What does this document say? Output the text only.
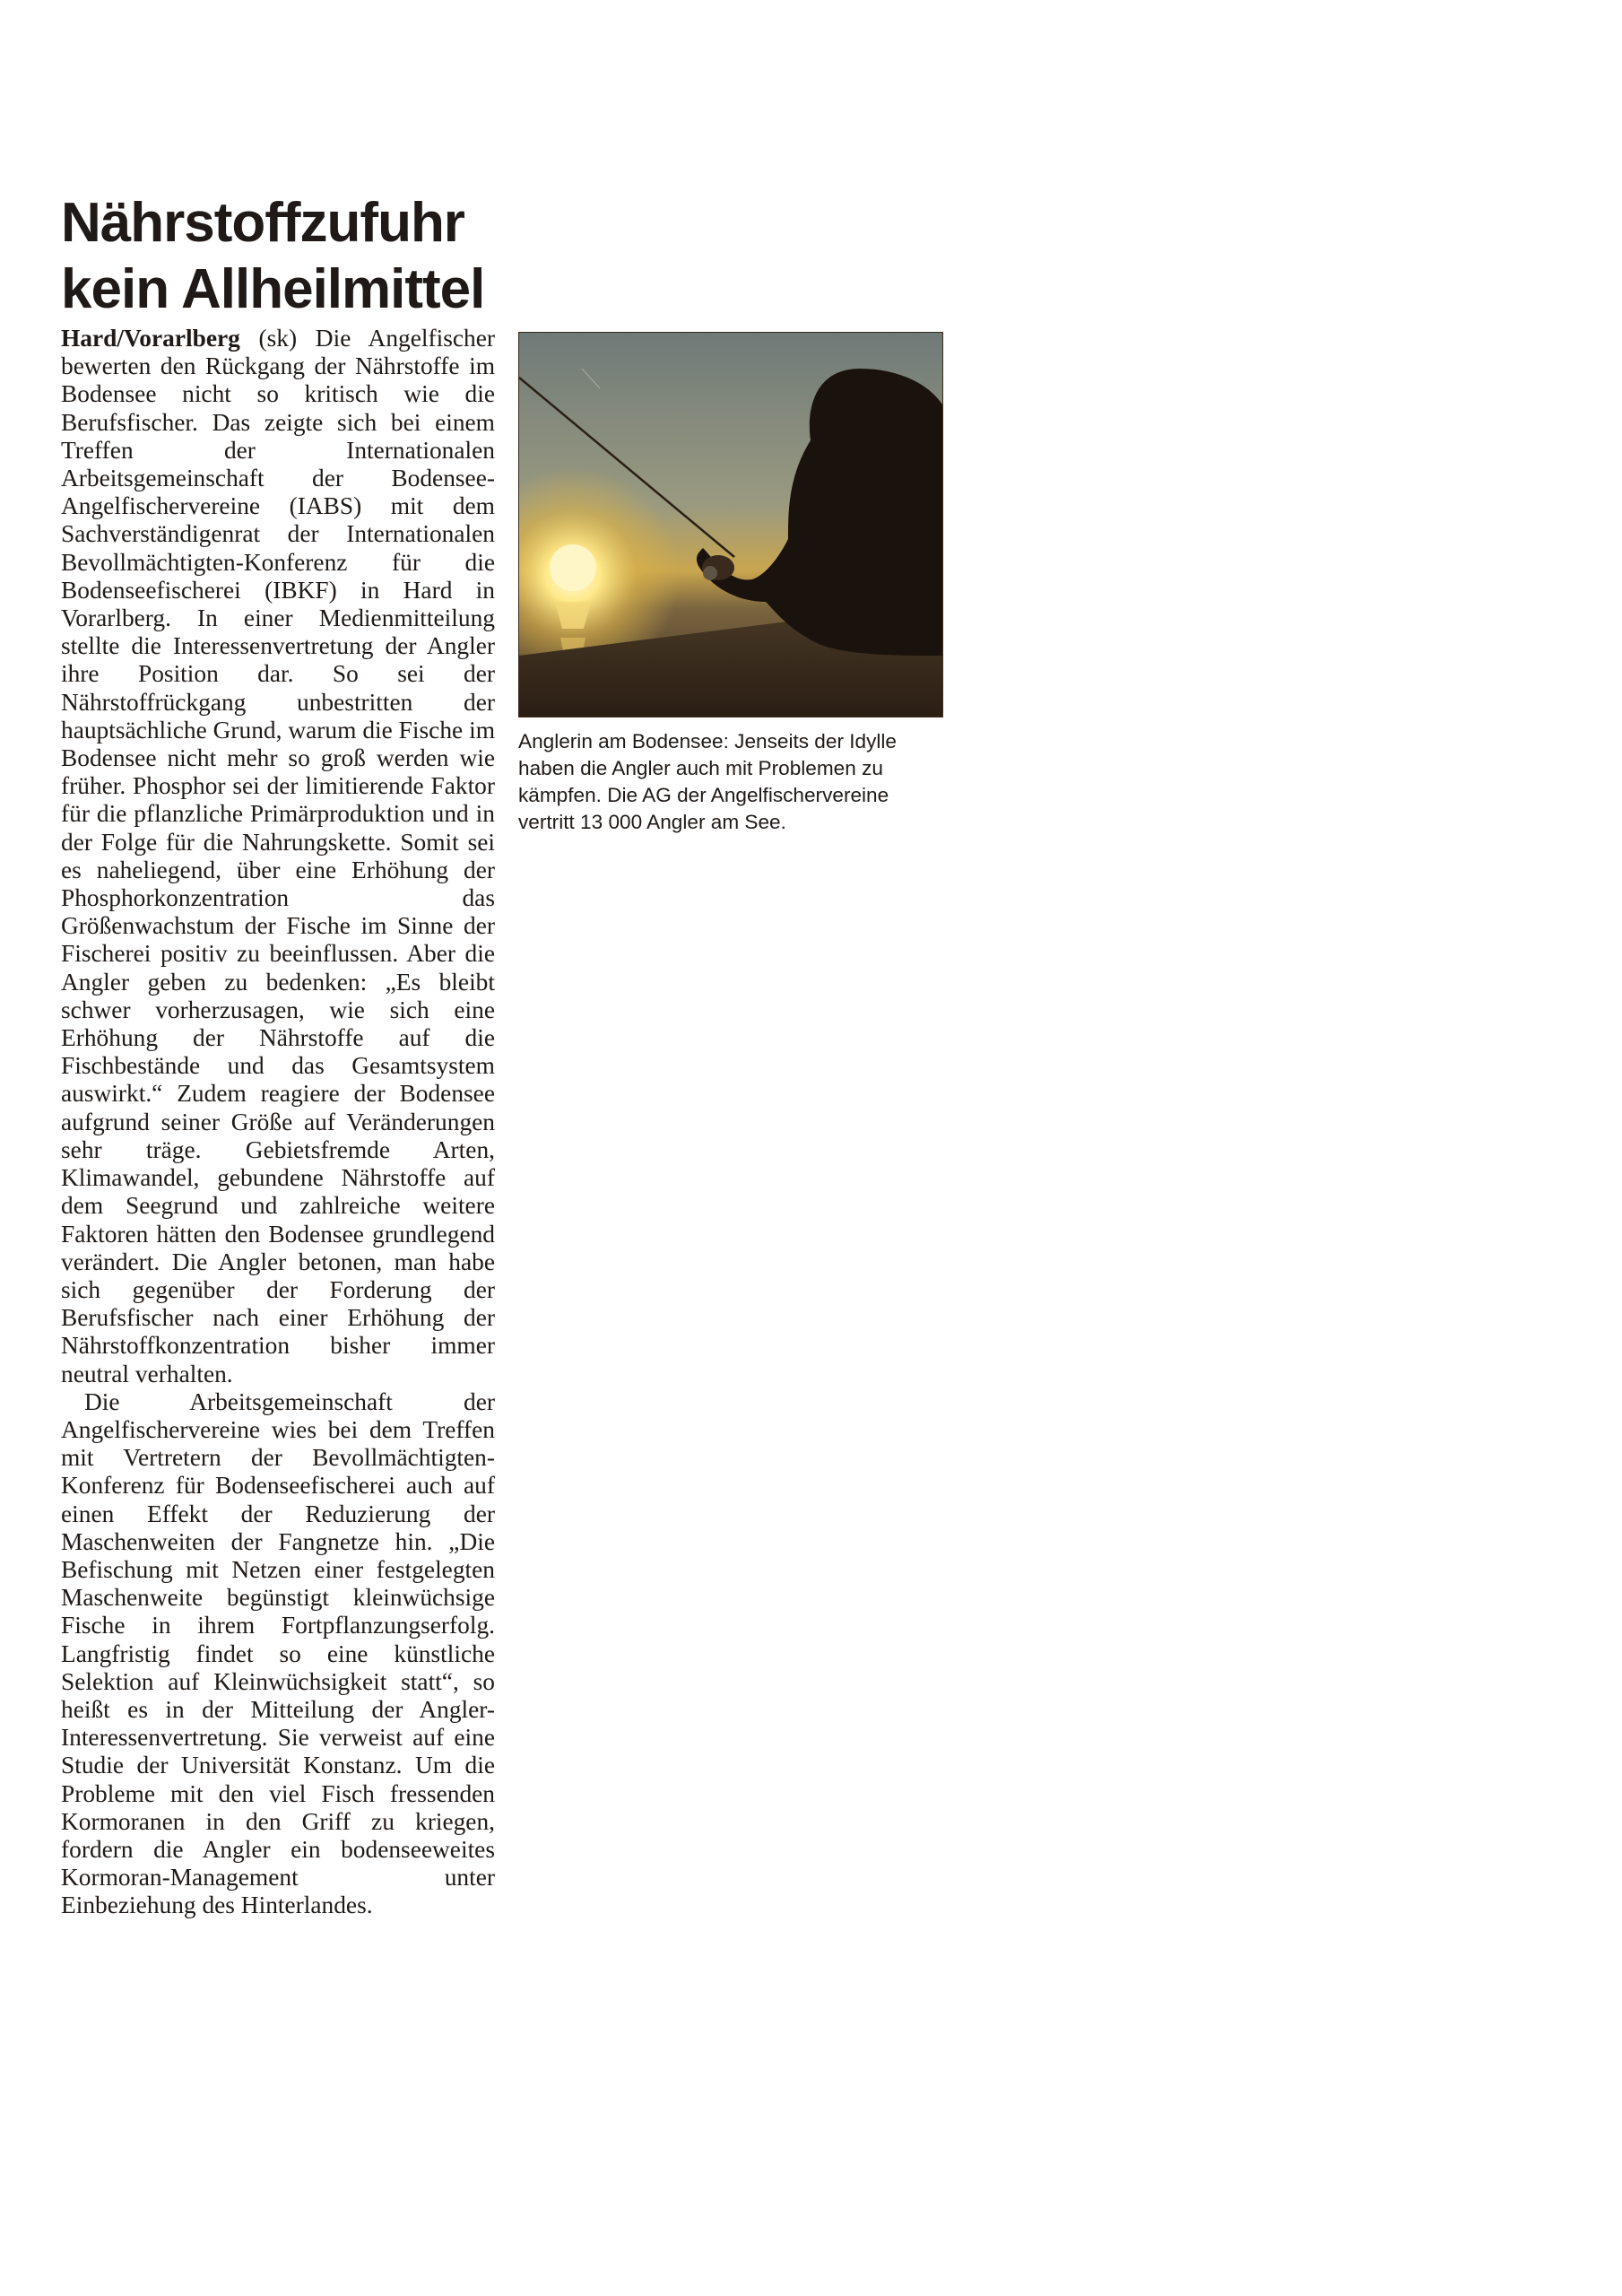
Nährstoffzufuhr
kein Allheilmittel

Hard/Vorarlberg (sk) Die Angelfischer bewerten den Rückgang der Nährstoffe im Bodensee nicht so kritisch wie die Berufsfischer. Das zeigte sich bei einem Treffen der Internationalen Arbeitsgemeinschaft der Bodensee-Angelfischervereine (IABS) mit dem Sachverständigenrat der Internationalen Bevollmächtigten-Konferenz für die Bodenseefischerei (IBKF) in Hard in Vorarlberg. In einer Medienmitteilung stellte die Interessenvertretung der Angler ihre Position dar. So sei der Nährstoffrückgang unbestritten der hauptsächliche Grund, warum die Fische im Bodensee nicht mehr so groß werden wie früher. Phosphor sei der limitierende Faktor für die pflanzliche Primärproduktion und in der Folge für die Nahrungskette. Somit sei es naheliegend, über eine Erhöhung der Phosphorkonzentration das Größenwachstum der Fische im Sinne der Fischerei positiv zu beeinflussen. Aber die Angler geben zu bedenken: „Es bleibt schwer vorherzusagen, wie sich eine Erhöhung der Nährstoffe auf die Fischbestände und das Gesamtsystem auswirkt.“ Zudem reagiere der Bodensee aufgrund seiner Größe auf Veränderungen sehr träge. Gebietsfremde Arten, Klimawandel, gebundene Nährstoffe auf dem Seegrund und zahlreiche weitere Faktoren hätten den Bodensee grundlegend verändert. Die Angler betonen, man habe sich gegenüber der Forderung der Berufsfischer nach einer Erhöhung der Nährstoffkonzentration bisher immer neutral verhalten.

Die Arbeitsgemeinschaft der Angelfischervereine wies bei dem Treffen mit Vertretern der Bevollmächtigten-Konferenz für Bodenseefischerei auch auf einen Effekt der Reduzierung der Maschenweiten der Fangnetze hin. „Die Befischung mit Netzen einer festgelegten Maschenweite begünstigt kleinwüchsige Fische in ihrem Fortpflanzungserfolg. Langfristig findet so eine künstliche Selektion auf Kleinwüchsigkeit statt“, so heißt es in der Mitteilung der Angler-Interessenvertretung. Sie verweist auf eine Studie der Universität Konstanz. Um die Probleme mit den viel Fisch fressenden Kormoranen in den Griff zu kriegen, fordern die Angler ein bodenseeweites Kormoran-Management unter Einbeziehung des Hinterlandes.

Anglerin am Bodensee: Jenseits der Idylle haben die Angler auch mit Problemen zu kämpfen. Die AG der Angelfischervereine vertritt 13 000 Angler am See.
